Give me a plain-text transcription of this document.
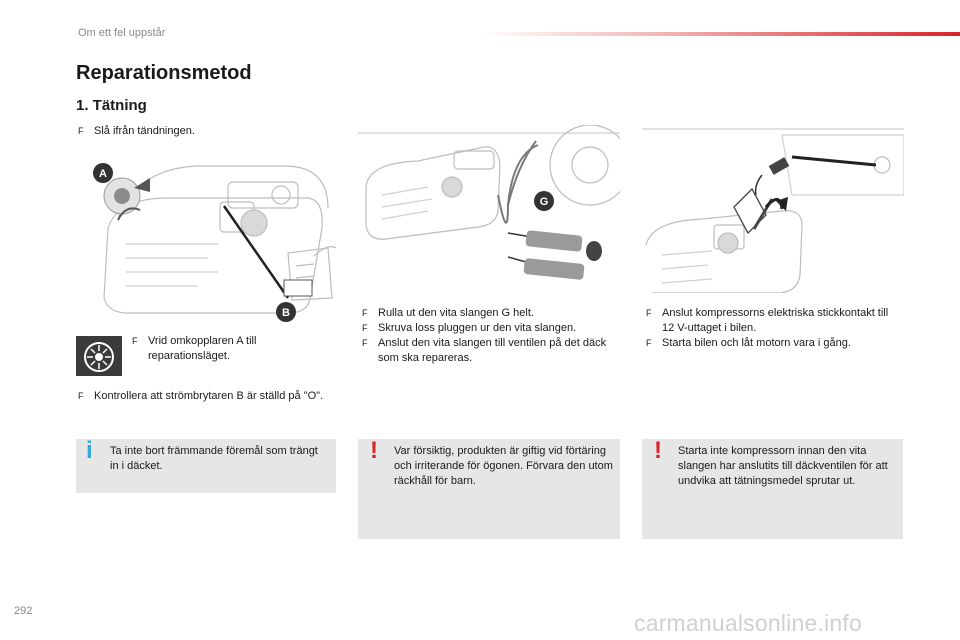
Om ett fel uppstår
Reparationsmetod
1. Tätning
F Slå ifrån tändningen.
A
B
F Vrid omkopplaren A till reparationsläget.
F Kontrollera att strömbrytaren B är ställd på "O".
i Ta inte bort främmande föremål som trängt in i däcket.
G
F Rulla ut den vita slangen G helt.
F Skruva loss pluggen ur den vita slangen.
F Anslut den vita slangen till ventilen på det däck som ska repareras.
! Var försiktig, produkten är giftig vid förtäring och irriterande för ögonen. Förvara den utom räckhåll för barn.
F Anslut kompressorns elektriska stickkontakt till 12 V-uttaget i bilen.
F Starta bilen och låt motorn vara i gång.
! Starta inte kompressorn innan den vita slangen har anslutits till däckventilen för att undvika att tätningsmedel sprutar ut.
292	carmanualsonline.info
